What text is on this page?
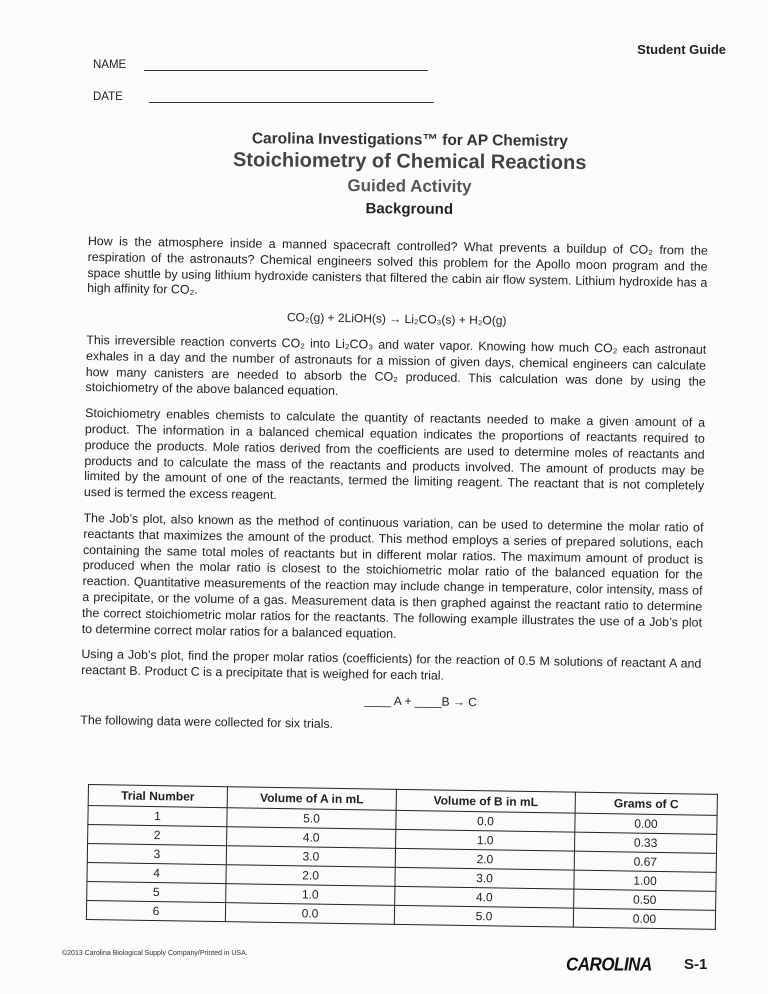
Student Guide
NAME
DATE
Carolina Investigations™ for AP Chemistry
Stoichiometry of Chemical Reactions
Guided Activity
Background

How is the atmosphere inside a manned spacecraft controlled? What prevents a buildup of CO₂ from the respiration of the astronauts? Chemical engineers solved this problem for the Apollo moon program and the space shuttle by using lithium hydroxide canisters that filtered the cabin air flow system. Lithium hydroxide has a high affinity for CO₂.

CO₂(g) + 2LiOH(s) → Li₂CO₃(s) + H₂O(g)

This irreversible reaction converts CO₂ into Li₂CO₃ and water vapor. Knowing how much CO₂ each astronaut exhales in a day and the number of astronauts for a mission of given days, chemical engineers can calculate how many canisters are needed to absorb the CO₂ produced. This calculation was done by using the stoichiometry of the above balanced equation.

Stoichiometry enables chemists to calculate the quantity of reactants needed to make a given amount of a product. The information in a balanced chemical equation indicates the proportions of reactants required to produce the products. Mole ratios derived from the coefficients are used to determine moles of reactants and products and to calculate the mass of the reactants and products involved. The amount of products may be limited by the amount of one of the reactants, termed the limiting reagent. The reactant that is not completely used is termed the excess reagent.

The Job’s plot, also known as the method of continuous variation, can be used to determine the molar ratio of reactants that maximizes the amount of the product. This method employs a series of prepared solutions, each containing the same total moles of reactants but in different molar ratios. The maximum amount of product is produced when the molar ratio is closest to the stoichiometric molar ratio of the balanced equation for the reaction. Quantitative measurements of the reaction may include change in temperature, color intensity, mass of a precipitate, or the volume of a gas. Measurement data is then graphed against the reactant ratio to determine the correct stoichiometric molar ratios for the reactants. The following example illustrates the use of a Job’s plot to determine correct molar ratios for a balanced equation.

Using a Job’s plot, find the proper molar ratios (coefficients) for the reaction of 0.5 M solutions of reactant A and reactant B. Product C is a precipitate that is weighed for each trial.

____ A + ____B → C

The following data were collected for six trials.

Trial Number	Volume of A in mL	Volume of B in mL	Grams of C
1	5.0	0.0	0.00
2	4.0	1.0	0.33
3	3.0	2.0	0.67
4	2.0	3.0	1.00
5	1.0	4.0	0.50
6	0.0	5.0	0.00
©2013 Carolina Biological Supply Company/Printed in USA.
CAROLINA S-1
